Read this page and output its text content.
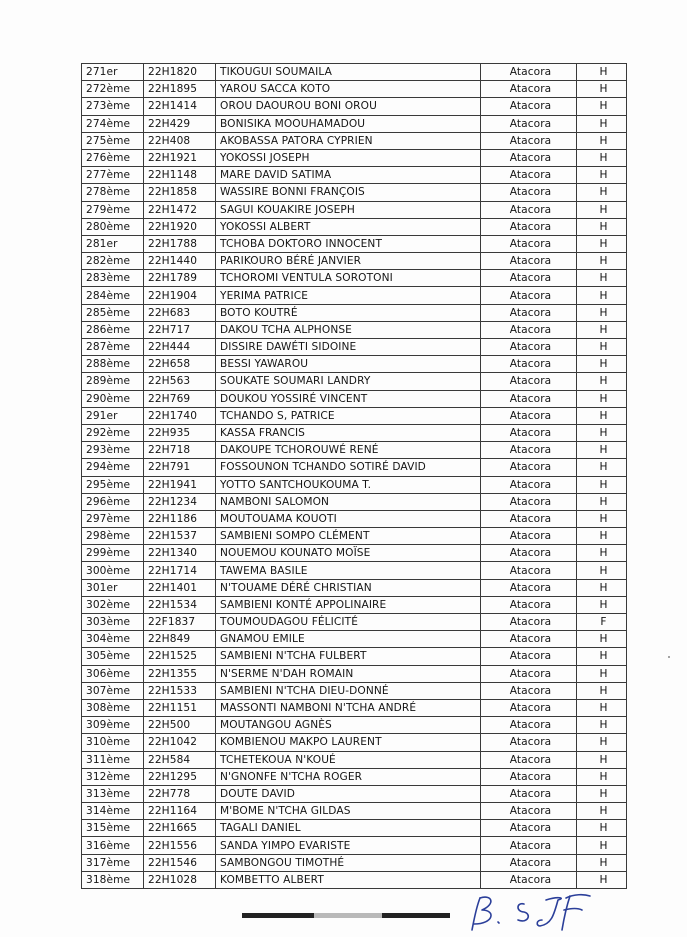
271er	22H1820	TIKOUGUI SOUMAILA	Atacora	H
272ème	22H1895	YAROU SACCA KOTO	Atacora	H
273ème	22H1414	OROU DAOUROU BONI OROU	Atacora	H
274ème	22H429	BONISIKA MOOUHAMADOU	Atacora	H
275ème	22H408	AKOBASSA PATORA CYPRIEN	Atacora	H
276ème	22H1921	YOKOSSI JOSEPH	Atacora	H
277ème	22H1148	MARE DAVID SATIMA	Atacora	H
278ème	22H1858	WASSIRE BONNI FRANÇOIS	Atacora	H
279ème	22H1472	SAGUI KOUAKIRE JOSEPH	Atacora	H
280ème	22H1920	YOKOSSI ALBERT	Atacora	H
281er	22H1788	TCHOBA DOKTORO INNOCENT	Atacora	H
282ème	22H1440	PARIKOURO BÉRÉ JANVIER	Atacora	H
283ème	22H1789	TCHOROMI VENTULA SOROTONI	Atacora	H
284ème	22H1904	YERIMA PATRICE	Atacora	H
285ème	22H683	BOTO KOUTRÉ	Atacora	H
286ème	22H717	DAKOU TCHA ALPHONSE	Atacora	H
287ème	22H444	DISSIRE DAWÉTI SIDOINE	Atacora	H
288ème	22H658	BESSI YAWAROU	Atacora	H
289ème	22H563	SOUKATE SOUMARI LANDRY	Atacora	H
290ème	22H769	DOUKOU YOSSIRÉ VINCENT	Atacora	H
291er	22H1740	TCHANDO S, PATRICE	Atacora	H
292ème	22H935	KASSA FRANCIS	Atacora	H
293ème	22H718	DAKOUPE TCHOROUWÉ RENÉ	Atacora	H
294ème	22H791	FOSSOUNON TCHANDO SOTIRÉ DAVID	Atacora	H
295ème	22H1941	YOTTO SANTCHOUKOUMA T.	Atacora	H
296ème	22H1234	NAMBONI SALOMON	Atacora	H
297ème	22H1186	MOUTOUAMA KOUOTI	Atacora	H
298ème	22H1537	SAMBIENI SOMPO CLÉMENT	Atacora	H
299ème	22H1340	NOUEMOU KOUNATO MOÏSE	Atacora	H
300ème	22H1714	TAWEMA BASILE	Atacora	H
301er	22H1401	N'TOUAME DÉRÉ CHRISTIAN	Atacora	H
302ème	22H1534	SAMBIENI KONTÉ APPOLINAIRE	Atacora	H
303ème	22F1837	TOUMOUDAGOU FÉLICITÉ	Atacora	F
304ème	22H849	GNAMOU EMILE	Atacora	H
305ème	22H1525	SAMBIENI N'TCHA FULBERT	Atacora	H
306ème	22H1355	N'SERME N'DAH ROMAIN	Atacora	H
307ème	22H1533	SAMBIENI N'TCHA DIEU-DONNÉ	Atacora	H
308ème	22H1151	MASSONTI NAMBONI N'TCHA ANDRÉ	Atacora	H
309ème	22H500	MOUTANGOU AGNÈS	Atacora	H
310ème	22H1042	KOMBIENOU MAKPO LAURENT	Atacora	H
311ème	22H584	TCHETEKOUA N'KOUÉ	Atacora	H
312ème	22H1295	N'GNONFE N'TCHA ROGER	Atacora	H
313ème	22H778	DOUTE DAVID	Atacora	H
314ème	22H1164	M'BOME N'TCHA GILDAS	Atacora	H
315ème	22H1665	TAGALI DANIEL	Atacora	H
316ème	22H1556	SANDA YIMPO EVARISTE	Atacora	H
317ème	22H1546	SAMBONGOU TIMOTHÉ	Atacora	H
318ème	22H1028	KOMBETTO ALBERT	Atacora	H
